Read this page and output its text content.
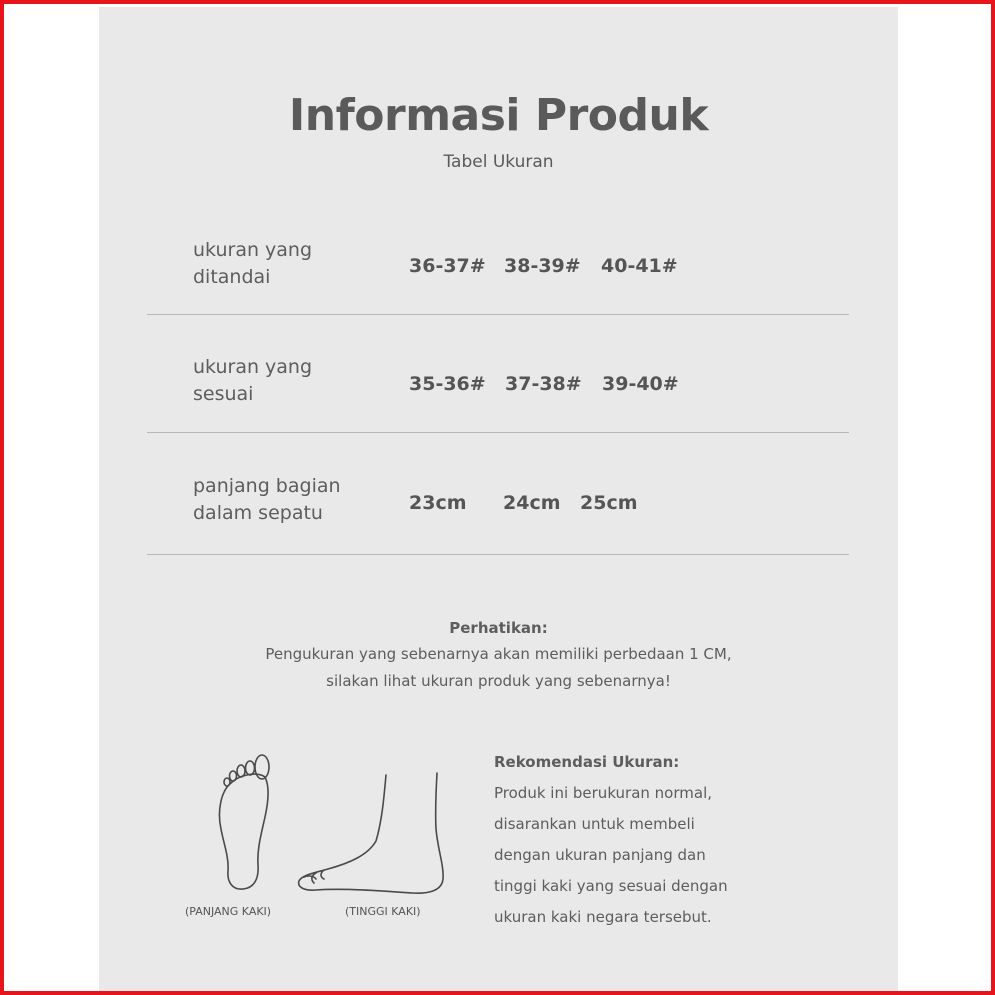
Informasi Produk
Tabel Ukuran
ukuran yang
ditandai	36-37# 38-39# 40-41#
ukuran yang
sesuai	35-36# 37-38# 39-40#
panjang bagian
dalam sepatu	23cm 24cm 25cm
Perhatikan:
Pengukuran yang sebenarnya akan memiliki perbedaan 1 CM,
silakan lihat ukuran produk yang sebenarnya!
(PANJANG KAKI)	(TINGGI KAKI)
Rekomendasi Ukuran:
Produk ini berukuran normal,
disarankan untuk membeli
dengan ukuran panjang dan
tinggi kaki yang sesuai dengan
ukuran kaki negara tersebut.
